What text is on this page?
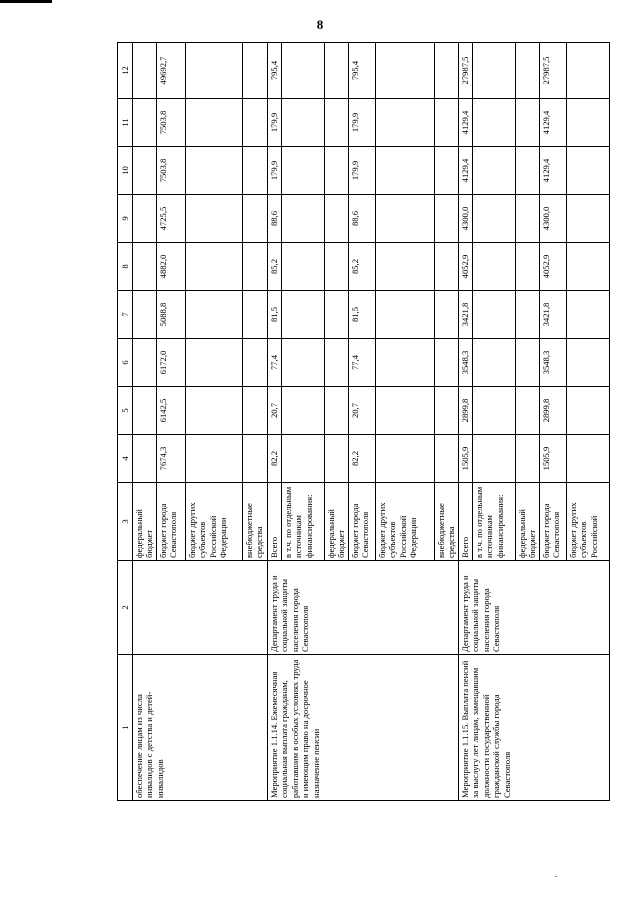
8
1	2	3	4	5	6	7	8	9	10	11	12
обеспечение лицам из числа инвалидов с детства и детей-инвалидов		федеральный бюджет									
		бюджет города Севастополя	7674,3	6142,5	6172,0	5088,8	4882,0	4725,5	7503,8	7503,8	49692,7
		бюджет других субъектов Российской Федерации									
		внебюджетные средства									
Мероприятие 1.1.14. Ежемесячная социальная выплата гражданам, работавшим в особых условиях труда и имеющим право на досрочное назначение пенсии	Департамент труда и социальной защиты населения города Севастополя	Всего	82,2	20,7	77,4	81,5	85,2	88,6	179,9	179,9	795,4
		в т.ч. по отдельным источникам финансирования:									
		федеральный бюджет									
		бюджет города Севастополя	82,2	20,7	77,4	81,5	85,2	88,6	179,9	179,9	795,4
		бюджет других субъектов Российской Федерации									
		внебюджетные средства									
Мероприятие 1.1.15. Выплата пенсий за выслугу лет лицам, замещавшим должности государственной гражданской службы города Севастополя	Департамент труда и социальной защиты населения города Севастополя	Всего	1505,9	2899,8	3548,3	3421,8	4052,9	4300,0	4129,4	4129,4	27987,5
		в т.ч. по отдельным источникам финансирования:									
		федеральный бюджет									
		бюджет города Севастополя	1505,9	2899,8	3548,3	3421,8	4052,9	4300,0	4129,4	4129,4	27987,5
		бюджет других субъектов Российской									
.
